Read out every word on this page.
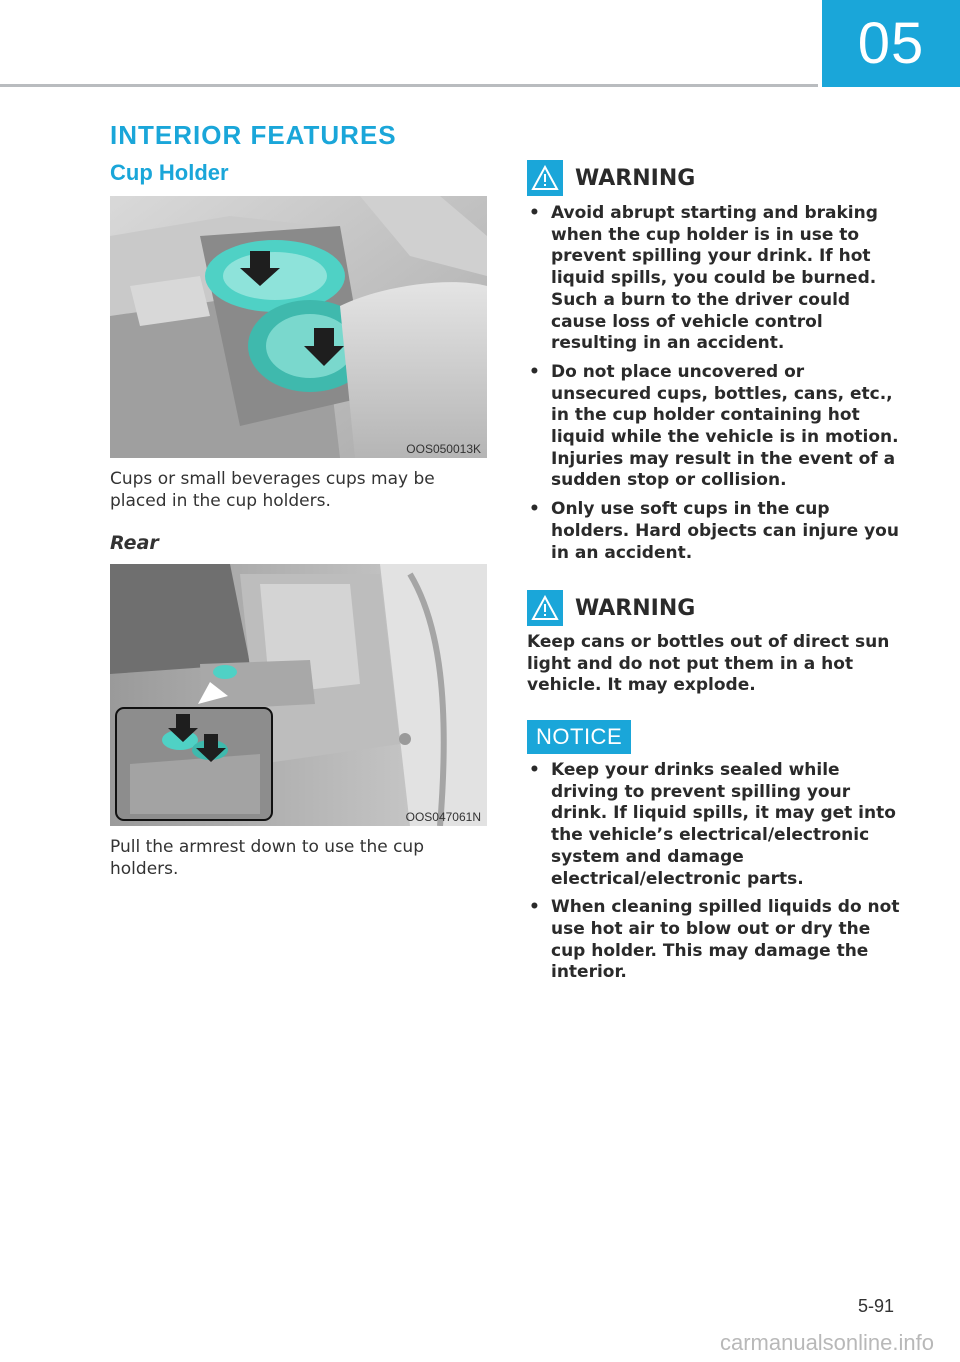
05
INTERIOR FEATURES
Cup Holder
OOS050013K

Cups or small beverages cups may be placed in the cup holders.

Rear
OOS047061N

Pull the armrest down to use the cup holders.

WARNING
• Avoid abrupt starting and braking when the cup holder is in use to prevent spilling your drink. If hot liquid spills, you could be burned. Such a burn to the driver could cause loss of vehicle control resulting in an accident.
• Do not place uncovered or unsecured cups, bottles, cans, etc., in the cup holder containing hot liquid while the vehicle is in motion. Injuries may result in the event of a sudden stop or collision.
• Only use soft cups in the cup holders. Hard objects can injure you in an accident.
WARNING

Keep cans or bottles out of direct sun light and do not put them in a hot vehicle. It may explode.

NOTICE
• Keep your drinks sealed while driving to prevent spilling your drink. If liquid spills, it may get into the vehicle’s electrical/electronic system and damage electrical/electronic parts.
• When cleaning spilled liquids do not use hot air to blow out or dry the cup holder. This may damage the interior.
5-91
carmanualsonline.info
